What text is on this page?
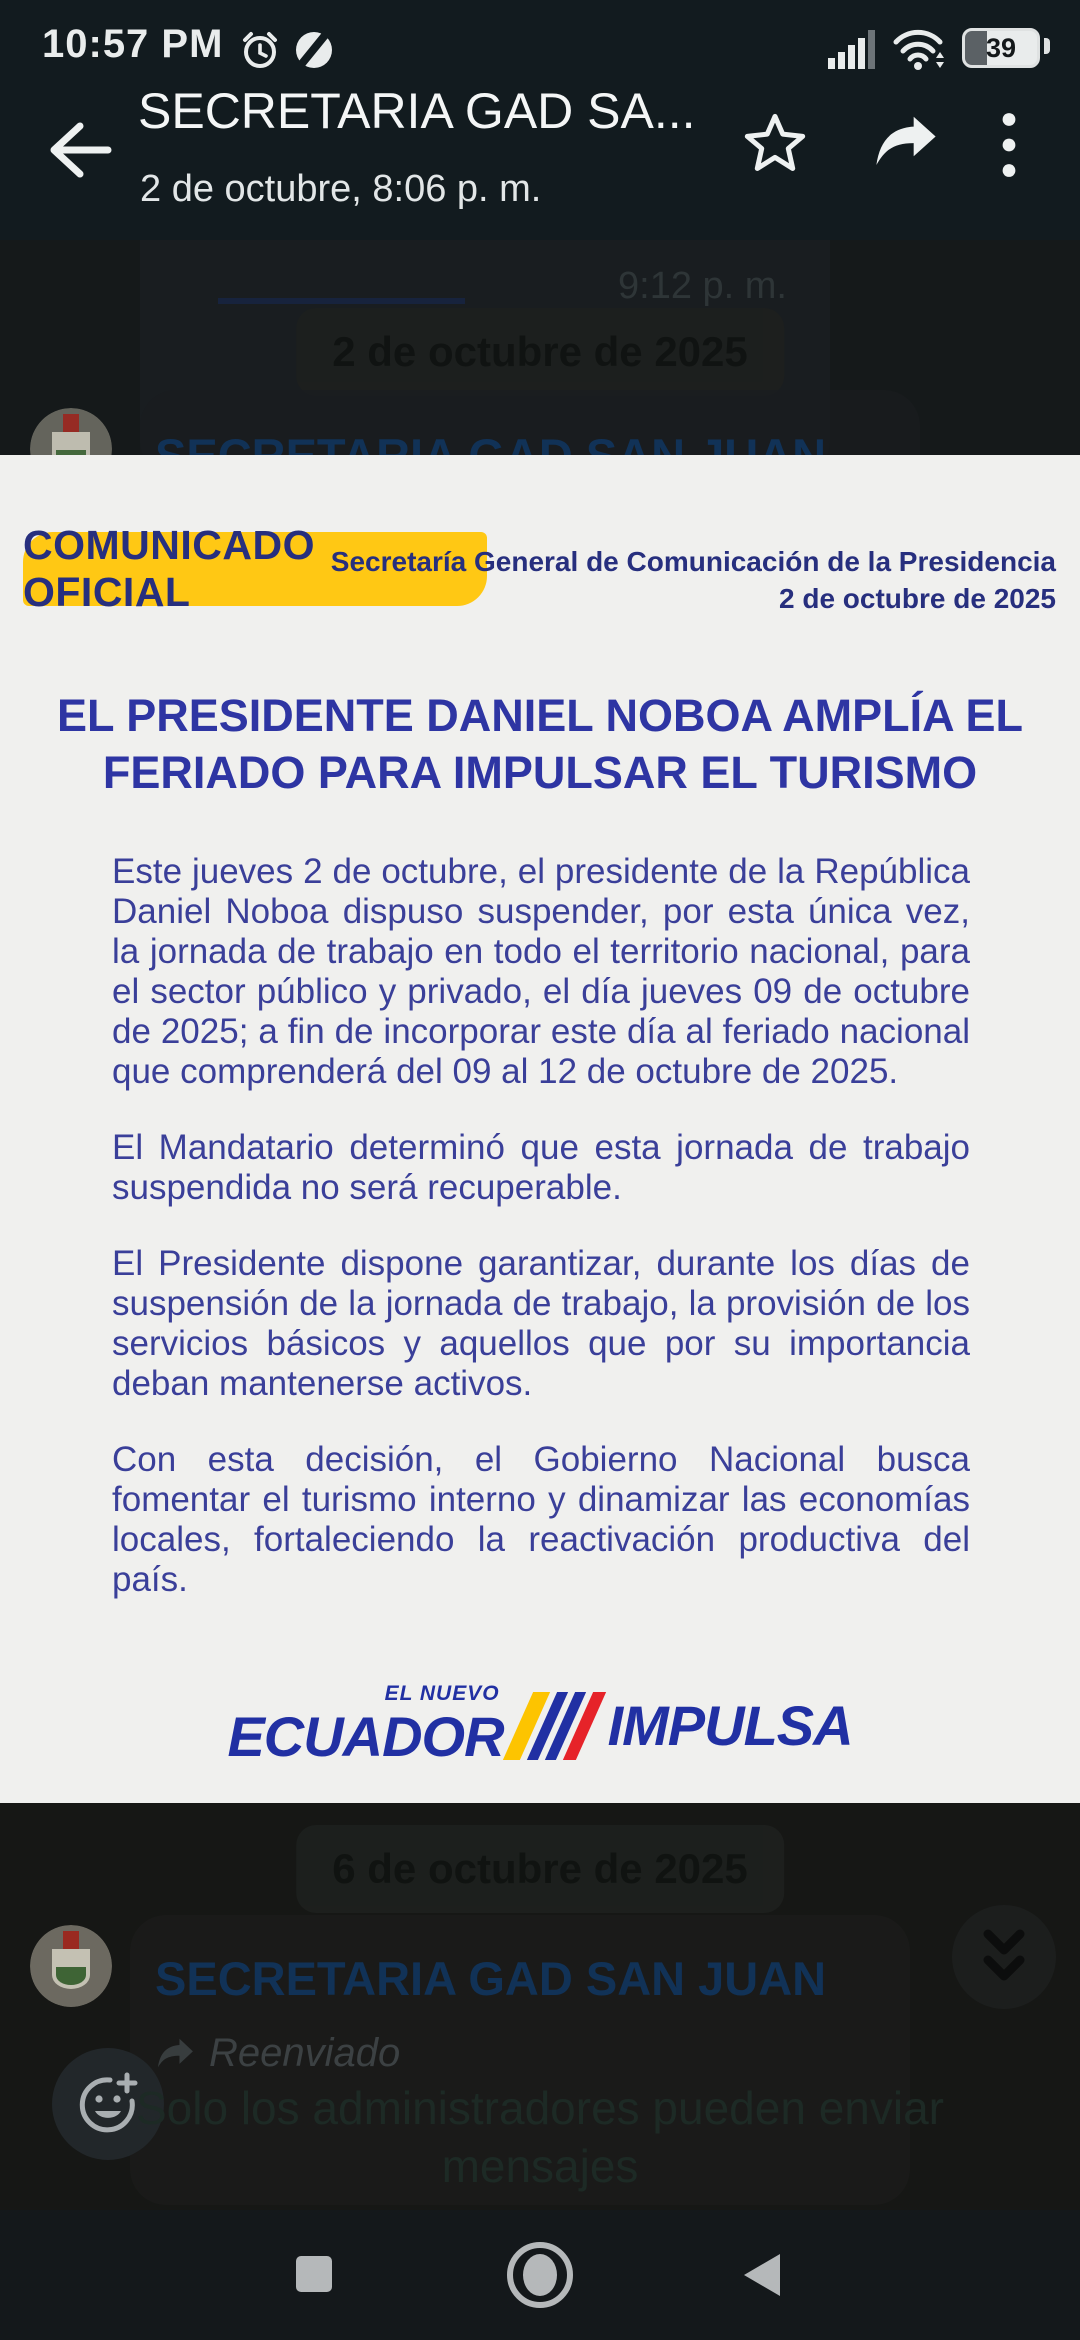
9:12 p. m.
2 de octubre de 2025
COMUNICADO OFICIAL
Secretaría General de Comunicación de la Presidencia
2 de octubre de 2025
EL PRESIDENTE DANIEL NOBOA AMPLÍA EL
FERIADO PARA IMPULSAR EL TURISMO

Este jueves 2 de octubre, el presidente de la República Daniel Noboa dispuso suspender, por esta única vez, la jornada de trabajo en todo el territorio nacional, para el sector público y privado, el día jueves 09 de octubre de 2025; a fin de incorporar este día al feriado nacional que comprenderá del 09 al 12 de octubre de 2025.

El Mandatario determinó que esta jornada de trabajo suspendida no será recuperable.

El Presidente dispone garantizar, durante los días de suspensión de la jornada de trabajo, la provisión de los servicios básicos y aquellos que por su importancia deban mantenerse activos.

Con esta decisión, el Gobierno Nacional busca fomentar el turismo interno y dinamizar las economías locales, fortaleciendo la reactivación productiva del país.

EL NUEVO
ECUADOR IMPULSA
6 de octubre de 2025
SECRETARIA GAD SAN JUAN
Reenviado
Solo los administradores pueden enviar mensajes
10:57 PM	39
SECRETARIA GAD SA...
2 de octubre, 8:06 p. m.
